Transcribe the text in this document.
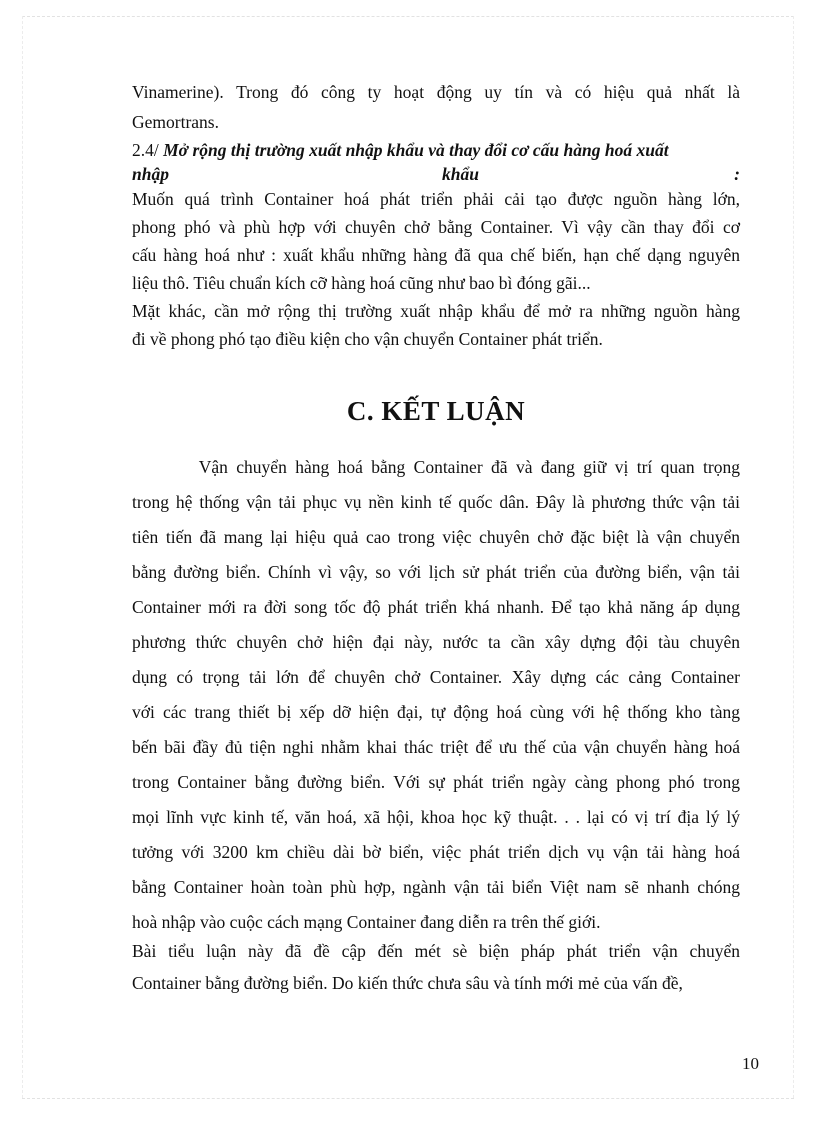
Vinamerine). Trong đó công ty hoạt động uy tín và có hiệu quả nhất là

Gemortrans.

2.4/ Mở rộng thị trường xuất nhập khẩu và thay đổi cơ cấu hàng hoá xuất

nhập	khẩu	:

Muốn quá trình Container hoá phát triển phải cải tạo được nguồn hàng lớn,

phong phó và phù hợp với chuyên chở bằng Container. Vì vậy cần thay đổi cơ

cấu hàng hoá như : xuất khẩu những hàng đã qua chế biến, hạn chế dạng nguyên

liệu thô. Tiêu chuẩn kích cỡ hàng hoá cũng như bao bì đóng gãi...

Mặt khác, cần mở rộng thị trường xuất nhập khẩu để mở ra những nguồn hàng

đi về phong phó tạo điều kiện cho vận chuyển Container phát triển.

C. KẾT LUẬN

Vận chuyển hàng hoá bằng Container đã và đang giữ vị trí quan trọng

trong hệ thống vận tải phục vụ nền kinh tế quốc dân. Đây là phương thức vận tải

tiên tiến đã mang lại hiệu quả cao trong việc chuyên chở đặc biệt là vận chuyển

bằng đường biển. Chính vì vậy, so với lịch sử phát triển của đường biển, vận tải

Container mới ra đời song tốc độ phát triển khá nhanh. Để tạo khả năng áp dụng

phương thức chuyên chở hiện đại này, nước ta cần xây dựng đội tàu chuyên

dụng có trọng tải lớn để chuyên chở Container. Xây dựng các cảng Container

với các trang thiết bị xếp dỡ hiện đại, tự động hoá cùng với hệ thống kho tàng

bến bãi đầy đủ tiện nghi nhằm khai thác triệt để ưu thế của vận chuyển hàng hoá

trong Container bằng đường biển. Với sự phát triển ngày càng phong phó trong

mọi lĩnh vực kinh tế, văn hoá, xã hội, khoa học kỹ thuật. . . lại có vị trí địa lý lý

tưởng với 3200 km chiều dài bờ biển, việc phát triển dịch vụ vận tải hàng hoá

bằng Container hoàn toàn phù hợp, ngành vận tải biển Việt nam sẽ nhanh chóng

hoà nhập vào cuộc cách mạng Container đang diễn ra trên thế giới.

Bài tiểu luận này đã đề cập đến mét sè biện pháp phát triển vận chuyển

Container bằng đường biển. Do kiến thức chưa sâu và tính mới mẻ của vấn đề,

10
